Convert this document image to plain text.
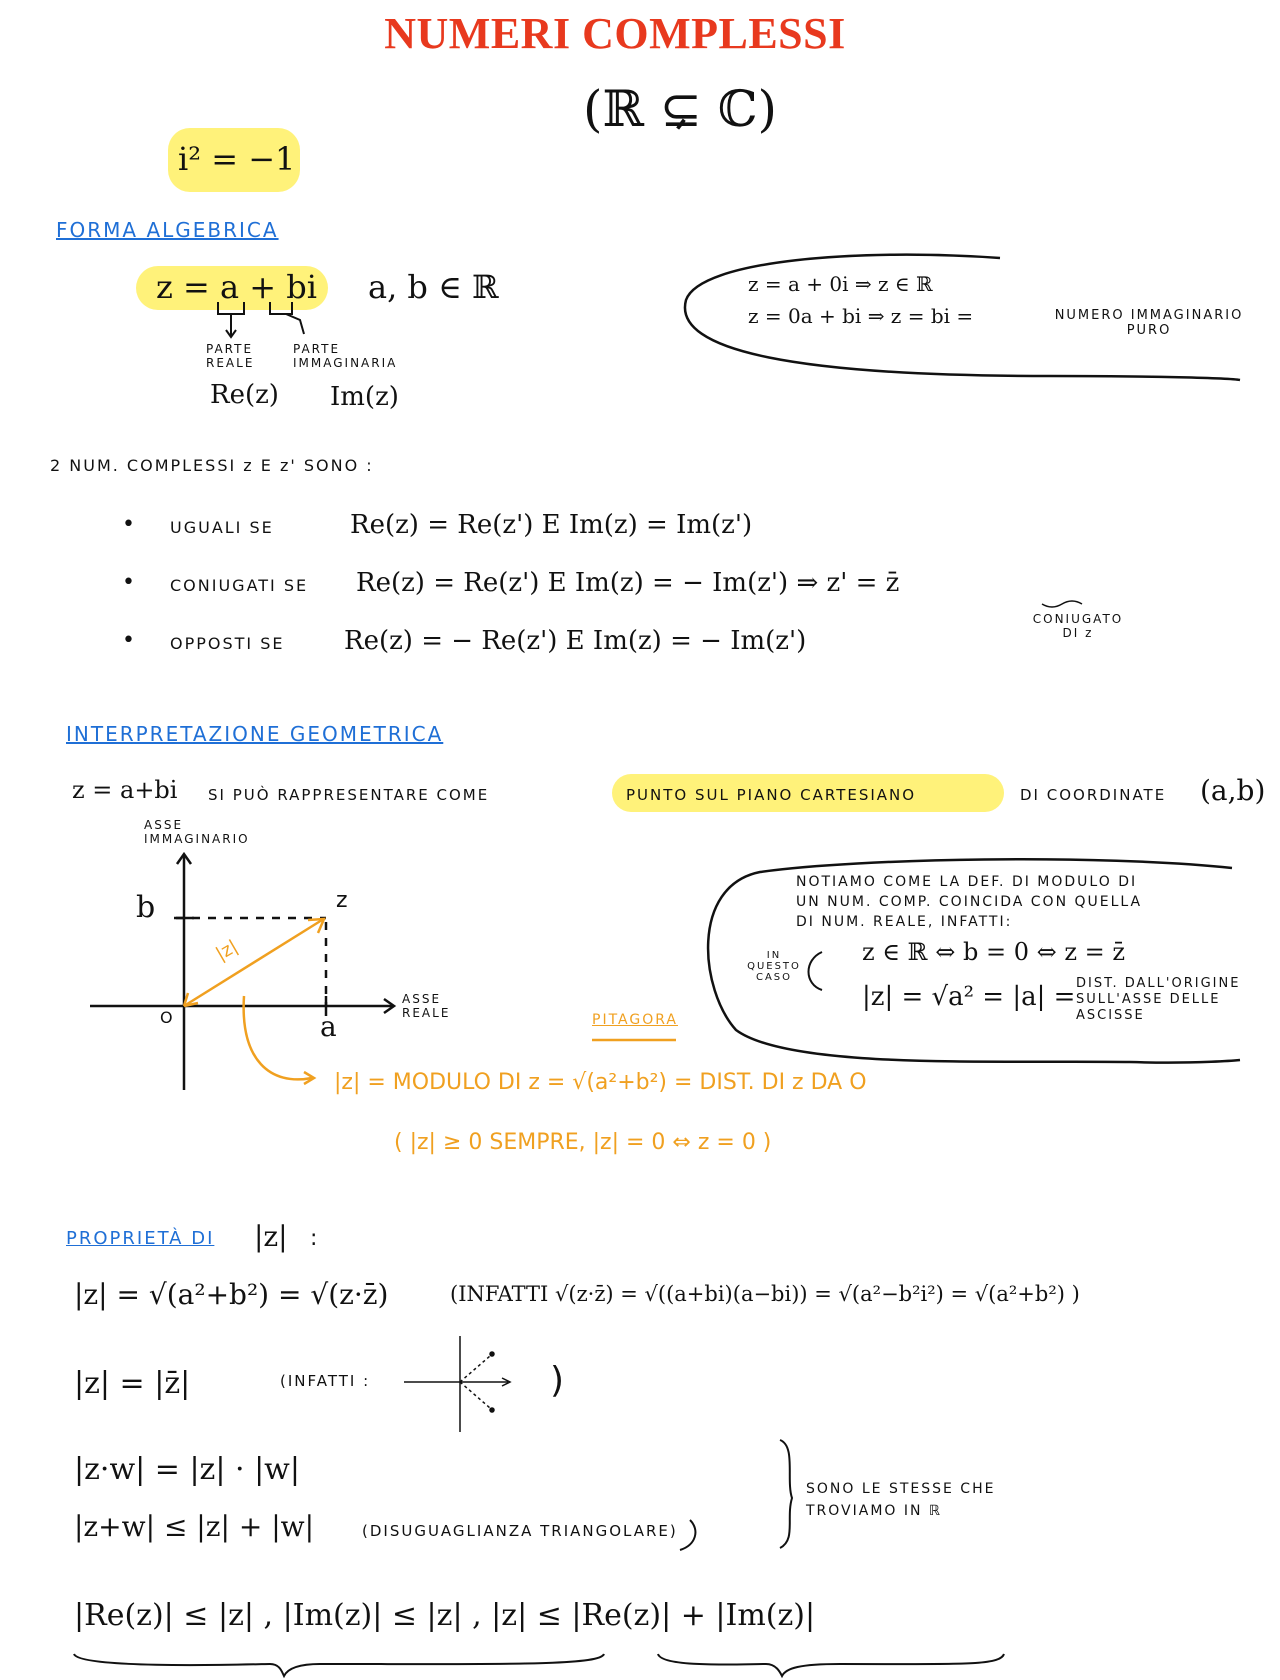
NUMERI COMPLESSI
(ℝ ⊊ ℂ)
i² = −1
FORMA ALGEBRICA
z = a + bi a, b ∈ ℝ
PARTE REALE
PARTE IMMAGINARIA
Re(z) Im(z)
z = a + 0i ⇒ z ∈ ℝ
z = 0a + bi ⇒ z = bi =	NUMERO IMMAGINARIO PURO
2 NUM. COMPLESSI z E z' SONO :
• UGUALI SE	Re(z) = Re(z') E Im(z) = Im(z')
• CONIUGATI SE Re(z) = Re(z') E Im(z) = − Im(z') ⇒ z' = z̄
CONIUGATO DI z
• OPPOSTI SE Re(z) = − Re(z') E Im(z) = − Im(z')
INTERPRETAZIONE GEOMETRICA
z = a+bi SI PUÒ RAPPRESENTARE COME	PUNTO SUL PIANO CARTESIANO	DI COORDINATE (a,b)
ASSE IMMAGINARIO
ASSE REALE
b
a
O
z
|z|
PITAGORA
|z| = MODULO DI z = √(a²+b²) = DIST. DI z DA O
( |z| ≥ 0 SEMPRE, |z| = 0 ⇔ z = 0 )
NOTIAMO COME LA DEF. DI MODULO DI
UN NUM. COMP. COINCIDA CON QUELLA
DI NUM. REALE, INFATTI:
IN QUESTO CASO
z ∈ ℝ ⇔ b = 0 ⇔ z = z̄
|z| = √a² = |a| = DIST. DALL'ORIGINE SULL'ASSE DELLE ASCISSE
PROPRIETÀ DI |z| :
|z| = √(a²+b²) = √(z·z̄)	(INFATTI √(z·z̄) = √((a+bi)(a−bi)) = √(a²−b²i²) = √(a²+b²) )
|z| = |z̄|	(INFATTI :	)
|z·w| = |z| · |w|
|z+w| ≤ |z| + |w|	(DISUGUAGLIANZA TRIANGOLARE)
SONO LE STESSE CHE TROVIAMO IN ℝ
|Re(z)| ≤ |z| , |Im(z)| ≤ |z| , |z| ≤ |Re(z)| + |Im(z)|
